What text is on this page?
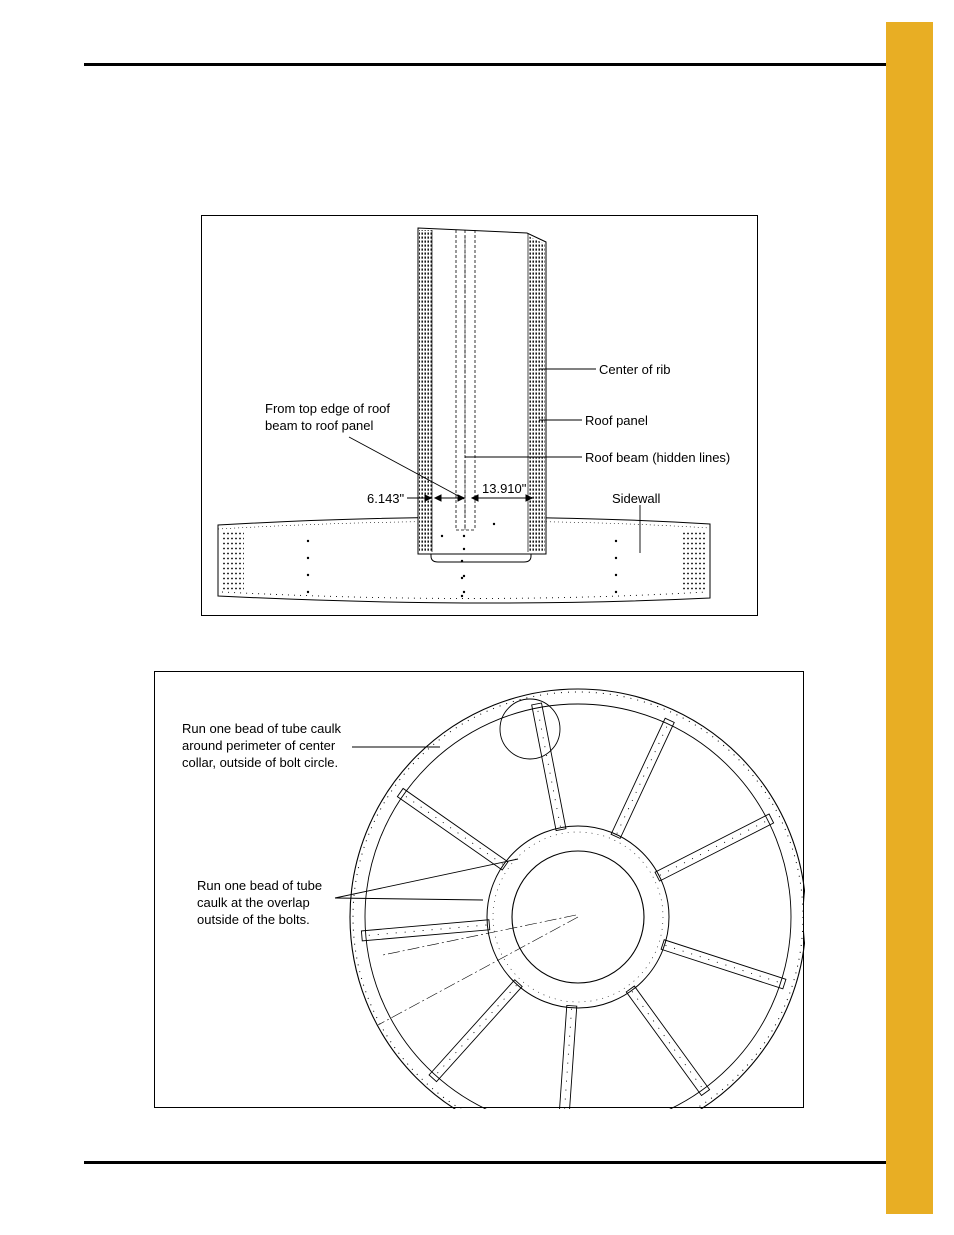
Center of rib
Roof panel
Roof beam (hidden lines)
From top edge of roof
beam to roof panel
Sidewall
6.143"
13.910"
Run one bead of tube caulk
around perimeter of center
collar, outside of bolt circle.
Run one bead of tube
caulk at the overlap
outside of the bolts.
